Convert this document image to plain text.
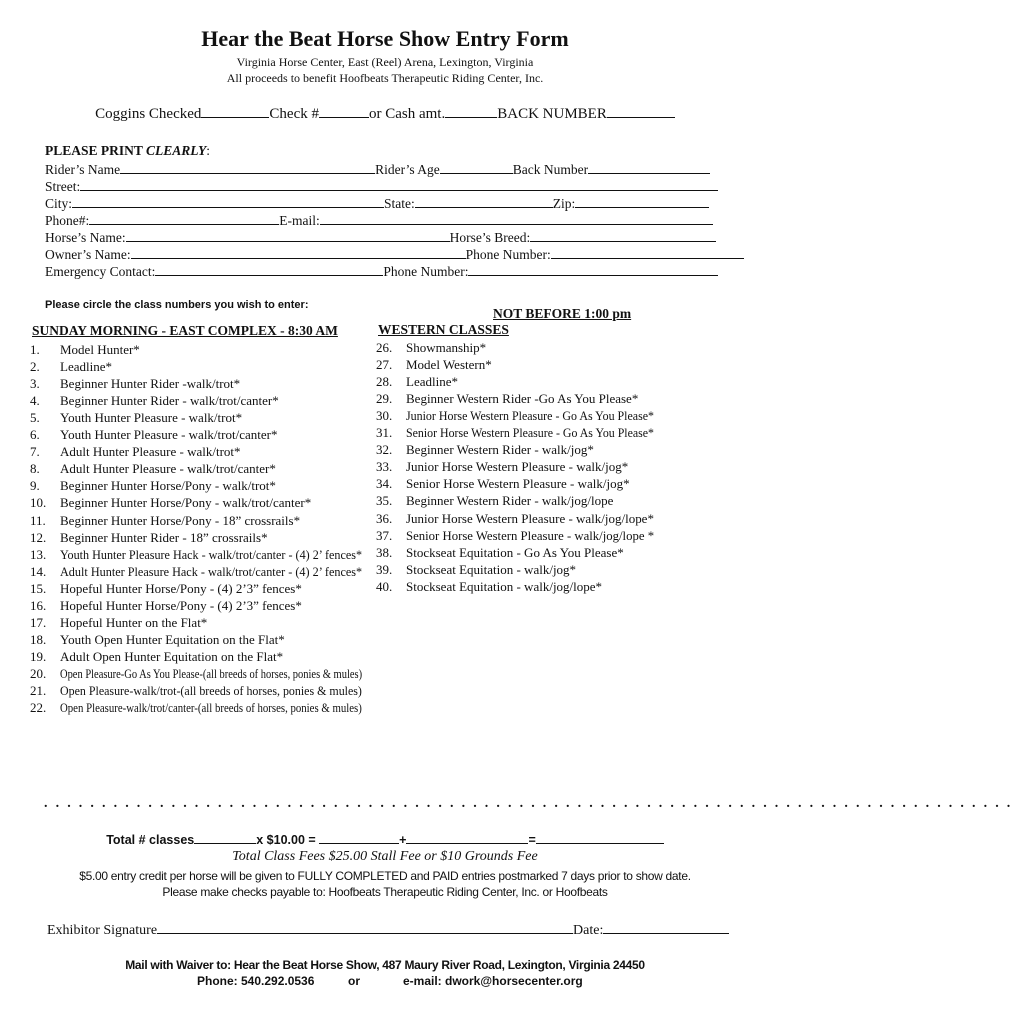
Hear the Beat Horse Show Entry Form
Virginia Horse Center, East (Reel) Arena, Lexington, Virginia
All proceeds to benefit Hoofbeats Therapeutic Riding Center, Inc.
Coggins Checked	Check #	or Cash amt.	BACK NUMBER
PLEASE PRINT CLEARLY:
Rider’s Name	Rider’s Age	Back Number
Street:
City:	State:	Zip:
Phone#:	E-mail:
Horse’s Name:	Horse’s Breed:
Owner’s Name:	Phone Number:
Emergency Contact:	Phone Number:
Please circle the class numbers you wish to enter:
NOT BEFORE 1:00 pm
SUNDAY MORNING - EAST COMPLEX - 8:30 AM	WESTERN CLASSES
1. Model Hunter*
2. Leadline*
3. Beginner Hunter Rider -walk/trot*
4. Beginner Hunter Rider - walk/trot/canter*
5. Youth Hunter Pleasure - walk/trot*
6. Youth Hunter Pleasure - walk/trot/canter*
7. Adult Hunter Pleasure - walk/trot*
8. Adult Hunter Pleasure - walk/trot/canter*
9. Beginner Hunter Horse/Pony - walk/trot*
10. Beginner Hunter Horse/Pony - walk/trot/canter*
11. Beginner Hunter Horse/Pony - 18” crossrails*
12. Beginner Hunter Rider - 18” crossrails*
13. Youth Hunter Pleasure Hack - walk/trot/canter - (4) 2’ fences*
14. Adult Hunter Pleasure Hack - walk/trot/canter - (4) 2’ fences*
15. Hopeful Hunter Horse/Pony - (4) 2’3” fences*
16. Hopeful Hunter Horse/Pony - (4) 2’3” fences*
17. Hopeful Hunter on the Flat*
18. Youth Open Hunter Equitation on the Flat*
19. Adult Open Hunter Equitation on the Flat*
20. Open Pleasure-Go As You Please-(all breeds of horses, ponies & mules)
21. Open Pleasure-walk/trot-(all breeds of horses, ponies & mules)
22. Open Pleasure-walk/trot/canter-(all breeds of horses, ponies & mules)
26. Showmanship*
27. Model Western*
28. Leadline*
29. Beginner Western Rider -Go As You Please*
30. Junior Horse Western Pleasure - Go As You Please*
31. Senior Horse Western Pleasure - Go As You Please*
32. Beginner Western Rider - walk/jog*
33. Junior Horse Western Pleasure - walk/jog*
34. Senior Horse Western Pleasure - walk/jog*
35. Beginner Western Rider - walk/jog/lope
36. Junior Horse Western Pleasure - walk/jog/lope*
37. Senior Horse Western Pleasure - walk/jog/lope *
38. Stockseat Equitation - Go As You Please*
39. Stockseat Equitation - walk/jog*
40. Stockseat Equitation - walk/jog/lope*
. . . . . . . . . . . . . . . . . . . . . . . . . . . . . . . . . . . . . . . . . . . . . . . . . . . . . . . . . . . . . . . . . . . . . . . . . . . . . . . . . . . .
Total # classes	x $10.00 =	+	=
Total Class Fees $25.00 Stall Fee or $10 Grounds Fee
$5.00 entry credit per horse will be given to FULLY COMPLETED and PAID entries postmarked 7 days prior to show date.
Please make checks payable to: Hoofbeats Therapeutic Riding Center, Inc. or Hoofbeats
Exhibitor Signature	Date:
Mail with Waiver to: Hear the Beat Horse Show, 487 Maury River Road, Lexington, Virginia 24450
Phone: 540.292.0536	or	e-mail: dwork@horsecenter.org
